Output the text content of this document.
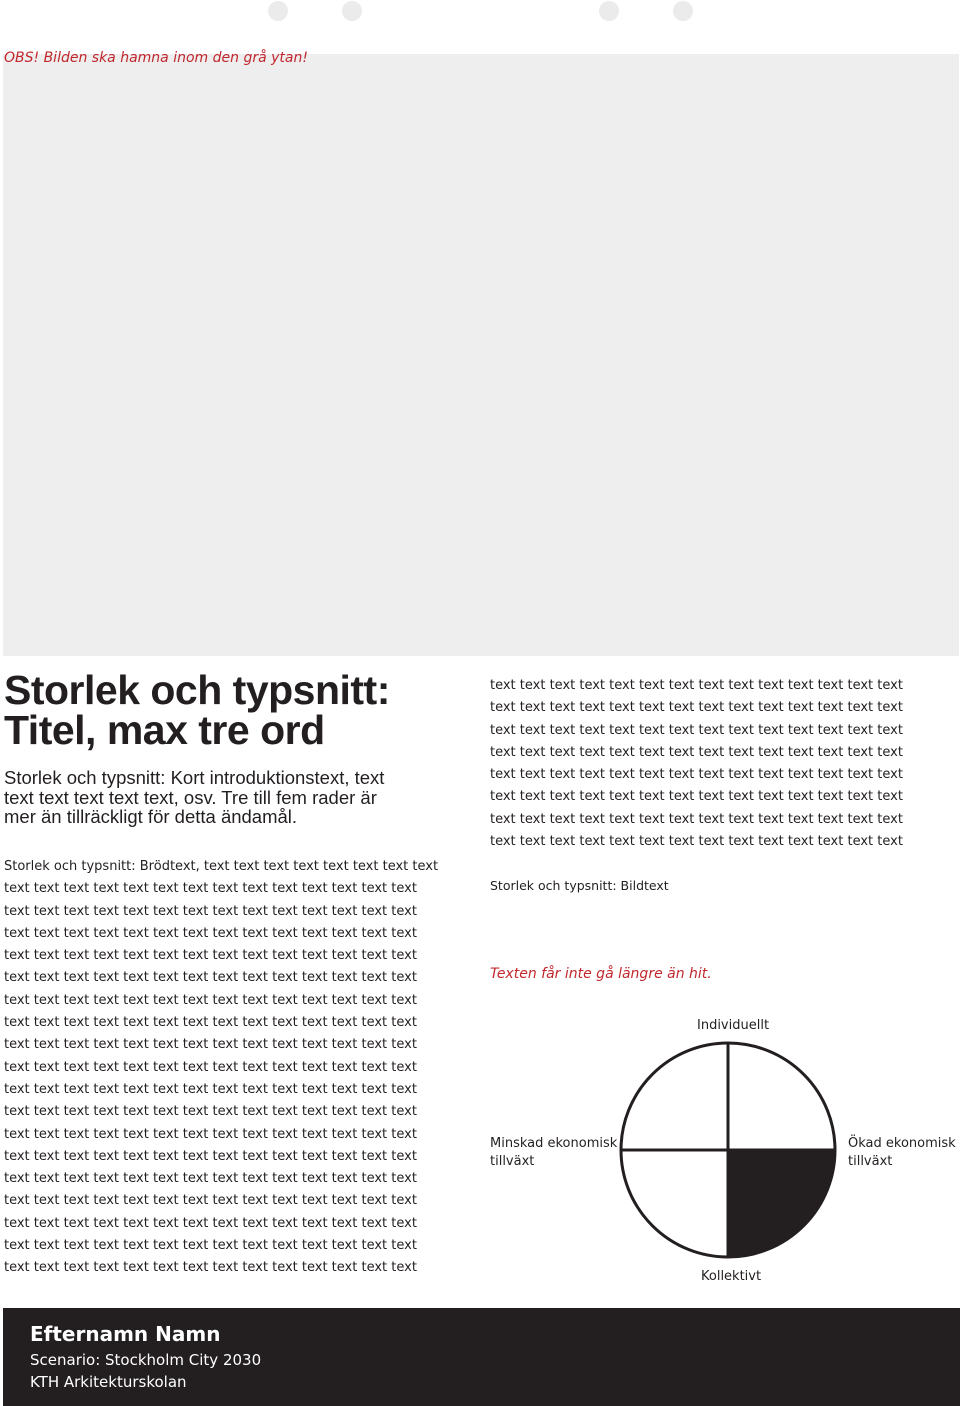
OBS! Bilden ska hamna inom den grå ytan!
Storlek och typsnitt:
Titel, max tre ord
Storlek och typsnitt: Kort introduktionstext, text
text text text text text, osv. Tre till fem rader är
mer än tillräckligt för detta ändamål.
Storlek och typsnitt: Brödtext, text text text text text text text text
text text text text text text text text text text text text text text
text text text text text text text text text text text text text text
text text text text text text text text text text text text text text
text text text text text text text text text text text text text text
text text text text text text text text text text text text text text
text text text text text text text text text text text text text text
text text text text text text text text text text text text text text
text text text text text text text text text text text text text text
text text text text text text text text text text text text text text
text text text text text text text text text text text text text text
text text text text text text text text text text text text text text
text text text text text text text text text text text text text text
text text text text text text text text text text text text text text
text text text text text text text text text text text text text text
text text text text text text text text text text text text text text
text text text text text text text text text text text text text text
text text text text text text text text text text text text text text
text text text text text text text text text text text text text text
text text text text text text text text text text text text text text
text text text text text text text text text text text text text text
text text text text text text text text text text text text text text
text text text text text text text text text text text text text text
text text text text text text text text text text text text text text
text text text text text text text text text text text text text text
text text text text text text text text text text text text text text
text text text text text text text text text text text text text text
Storlek och typsnitt: Bildtext
Texten får inte gå längre än hit.
Individuellt
Kollektivt
Minskad ekonomisk
tillväxt
Ökad ekonomisk
tillväxt
Efternamn Namn
Scenario: Stockholm City 2030
KTH Arkitekturskolan
